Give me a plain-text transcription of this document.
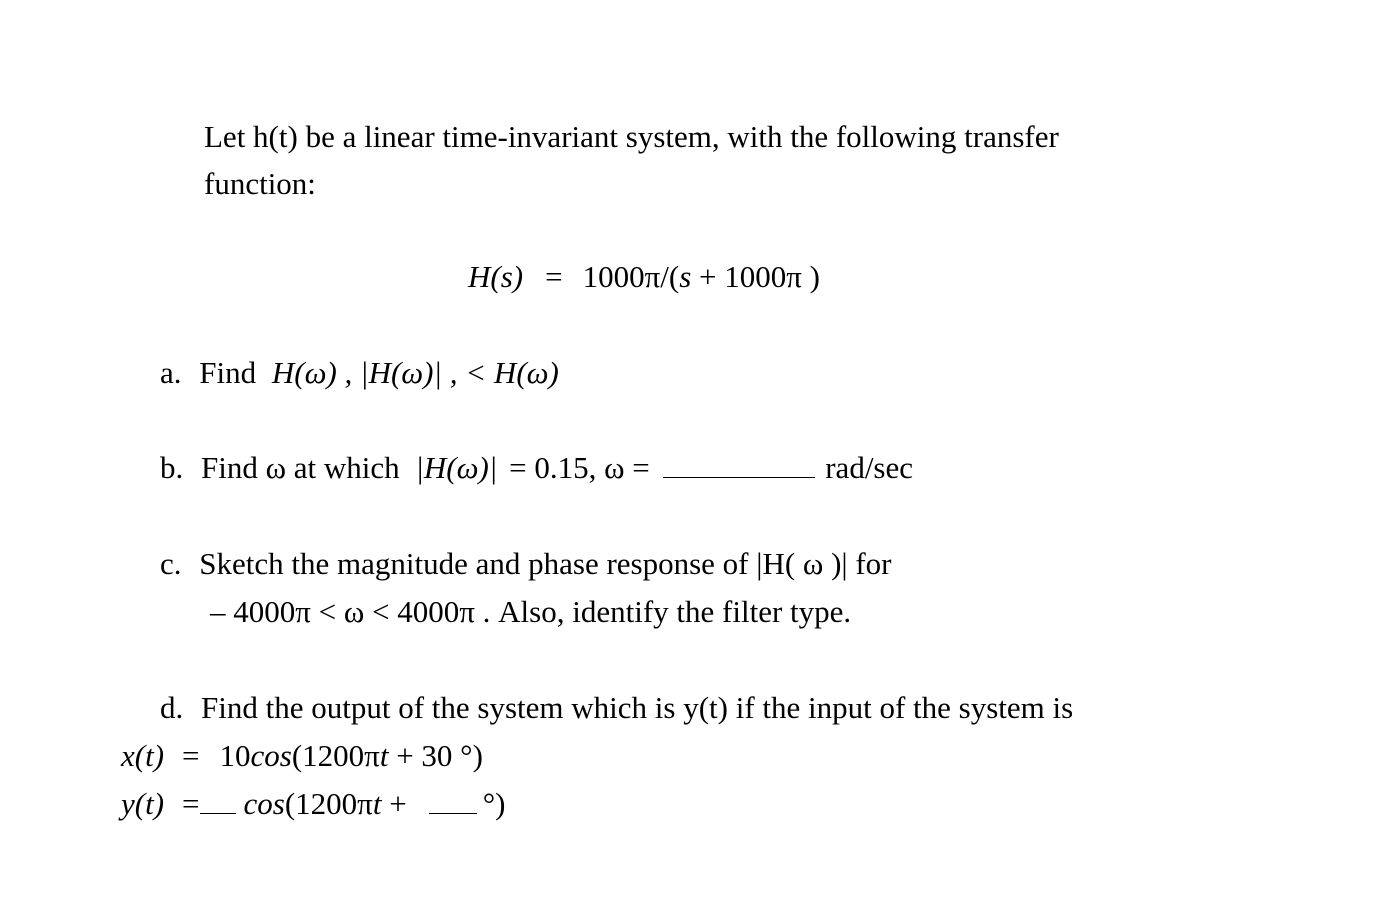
Let h(t) be a linear time-invariant system, with the following transfer
function:
H(s) = 1000π/(s + 1000π )
a. Find H(ω) , |H(ω)| , < H(ω)
b. Find ω at which |H(ω)| = 0.15, ω =	rad/sec
c. Sketch the magnitude and phase response of |H( ω )| for
– 4000π < ω < 4000π . Also, identify the filter type.
d. Find the output of the system which is y(t) if the input of the system is
x(t) = 10cos(1200πt + 30 °)
y(t) = cos(1200πt + °)
